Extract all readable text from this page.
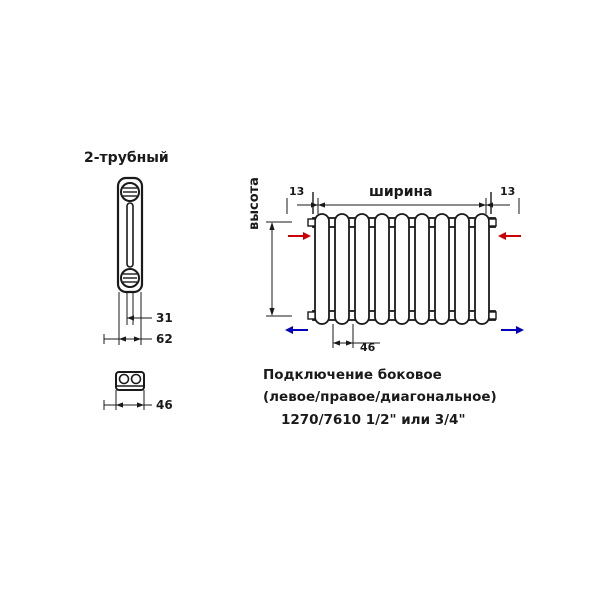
2-трубный
31
62
46
13	13
ширина
46
высота
Подключение боковое
(левое/правое/диагональное)
1270/7610 1/2" или 3/4"
